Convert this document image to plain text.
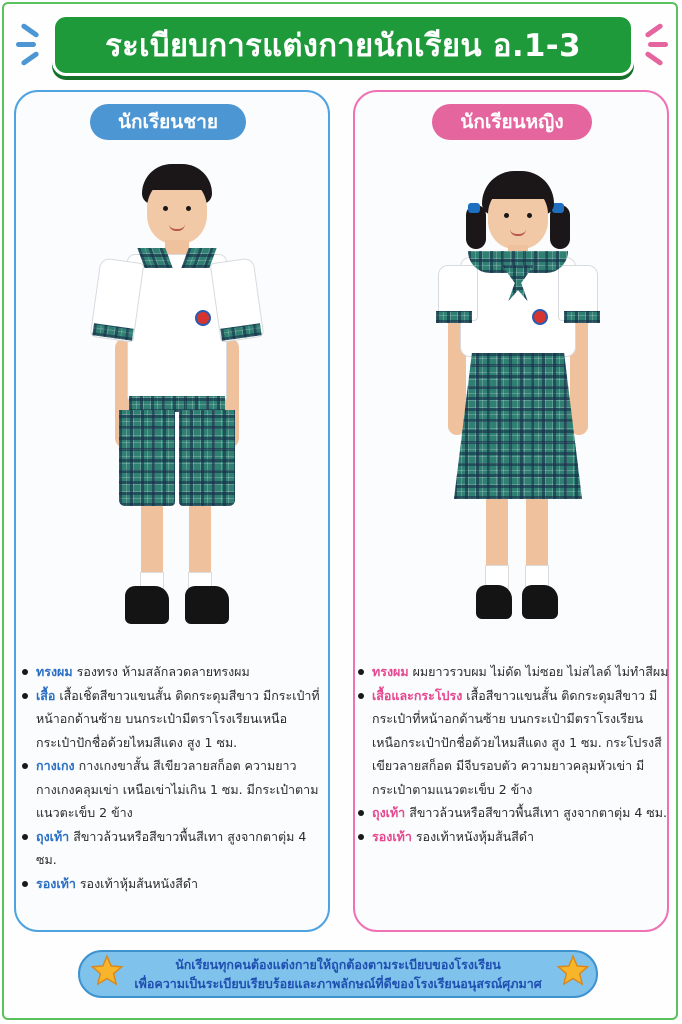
ระเบียบการแต่งกายนักเรียน อ.1-3
นักเรียนชาย
ทรงผม รองทรง ห้ามสลักลวดลายทรงผม
เสื้อ เสื้อเชิ้ตสีขาวแขนสั้น ติดกระดุมสีขาว มีกระเป๋าที่หน้าอกด้านซ้าย บนกระเป๋ามีตราโรงเรียนเหนือกระเป๋าปักชื่อด้วยไหมสีแดง สูง 1 ซม.
กางเกง กางเกงขาสั้น สีเขียวลายสก็อต ความยาวกางเกงคลุมเข่า เหนือเข่าไม่เกิน 1 ซม. มีกระเป๋าตามแนวตะเข็บ 2 ข้าง
ถุงเท้า สีขาวล้วนหรือสีขาวพื้นสีเทา สูงจากตาตุ่ม 4 ซม.
รองเท้า รองเท้าหุ้มส้นหนังสีดำ
นักเรียนหญิง
ทรงผม ผมยาวรวบผม ไม่ดัด ไม่ซอย ไม่สไลด์ ไม่ทำสีผม
เสื้อและกระโปรง เสื้อสีขาวแขนสั้น ติดกระดุมสีขาว มีกระเป๋าที่หน้าอกด้านซ้าย บนกระเป๋ามีตราโรงเรียนเหนือกระเป๋าปักชื่อด้วยไหมสีแดง สูง 1 ซม. กระโปรงสีเขียวลายสก็อต มีจีบรอบตัว ความยาวคลุมหัวเข่า มีกระเป๋าตามแนวตะเข็บ 2 ข้าง
ถุงเท้า สีขาวล้วนหรือสีขาวพื้นสีเทา สูงจากตาตุ่ม 4 ซม.
รองเท้า รองเท้าหนังหุ้มส้นสีดำ
นักเรียนทุกคนต้องแต่งกายให้ถูกต้องตามระเบียบของโรงเรียน
เพื่อความเป็นระเบียบเรียบร้อยและภาพลักษณ์ที่ดีของโรงเรียนอนุสรณ์ศุภมาศ
